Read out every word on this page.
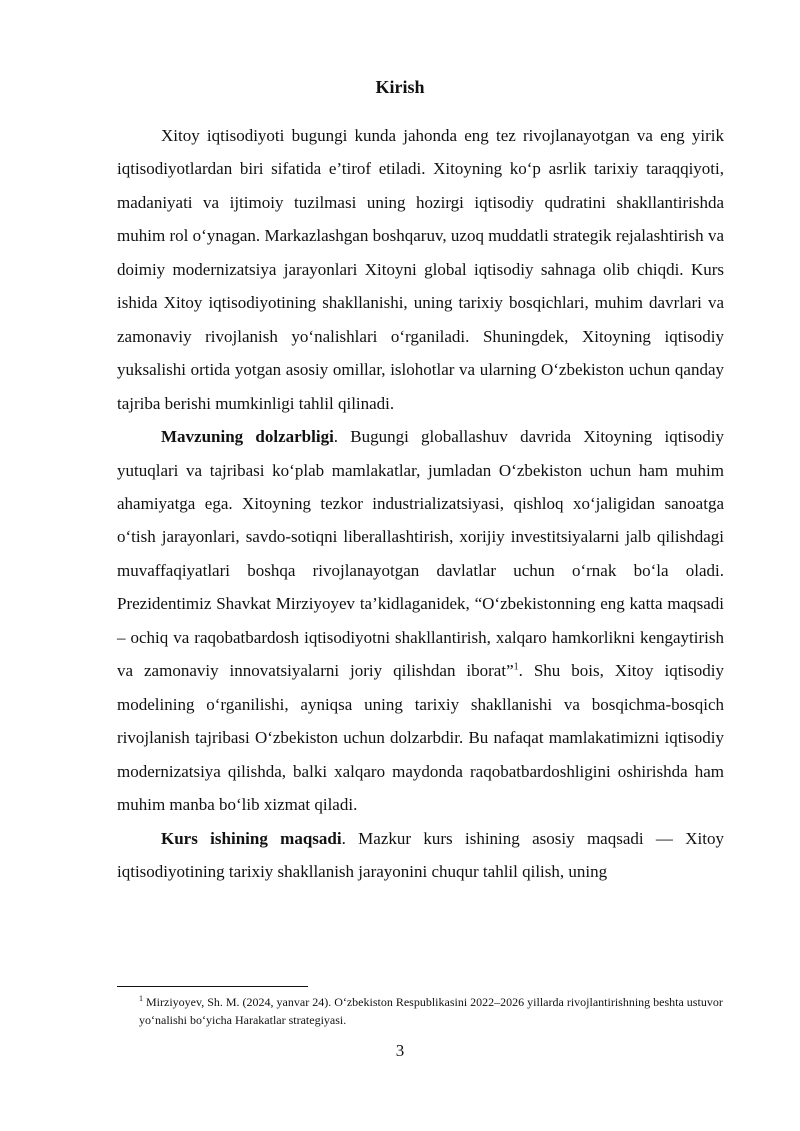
Kirish

Xitoy iqtisodiyoti bugungi kunda jahonda eng tez rivojlanayotgan va eng yirik iqtisodiyotlardan biri sifatida e’tirof etiladi. Xitoyning ko‘p asrlik tarixiy taraqqiyoti, madaniyati va ijtimoiy tuzilmasi uning hozirgi iqtisodiy qudratini shakllantirishda muhim rol o‘ynagan. Markazlashgan boshqaruv, uzoq muddatli strategik rejalashtirish va doimiy modernizatsiya jarayonlari Xitoyni global iqtisodiy sahnaga olib chiqdi. Kurs ishida Xitoy iqtisodiyotining shakllanishi, uning tarixiy bosqichlari, muhim davrlari va zamonaviy rivojlanish yo‘nalishlari o‘rganiladi. Shuningdek, Xitoyning iqtisodiy yuksalishi ortida yotgan asosiy omillar, islohotlar va ularning O‘zbekiston uchun qanday tajriba berishi mumkinligi tahlil qilinadi.

Mavzuning dolzarbligi. Bugungi globallashuv davrida Xitoyning iqtisodiy yutuqlari va tajribasi ko‘plab mamlakatlar, jumladan O‘zbekiston uchun ham muhim ahamiyatga ega. Xitoyning tezkor industrializatsiyasi, qishloq xo‘jaligidan sanoatga o‘tish jarayonlari, savdo-sotiqni liberallashtirish, xorijiy investitsiyalarni jalb qilishdagi muvaffaqiyatlari boshqa rivojlanayotgan davlatlar uchun o‘rnak bo‘la oladi. Prezidentimiz Shavkat Mirziyoyev ta’kidlaganidek, “O‘zbekistonning eng katta maqsadi – ochiq va raqobatbardosh iqtisodiyotni shakllantirish, xalqaro hamkorlikni kengaytirish va zamonaviy innovatsiyalarni joriy qilishdan iborat”$^1$. Shu bois, Xitoy iqtisodiy modelining o‘rganilishi, ayniqsa uning tarixiy shakllanishi va bosqichma-bosqich rivojlanish tajribasi O‘zbekiston uchun dolzarbdir. Bu nafaqat mamlakatimizni iqtisodiy modernizatsiya qilishda, balki xalqaro maydonda raqobatbardoshligini oshirishda ham muhim manba bo‘lib xizmat qiladi.

Kurs ishining maqsadi. Mazkur kurs ishining asosiy maqsadi — Xitoy iqtisodiyotining tarixiy shakllanish jarayonini chuqur tahlil qilish, uning

$^1$ Mirziyoyev, Sh. M. (2024, yanvar 24). O‘zbekiston Respublikasini 2022–2026 yillarda rivojlantirishning beshta ustuvor yo‘nalishi bo‘yicha Harakatlar strategiyasi.
3
